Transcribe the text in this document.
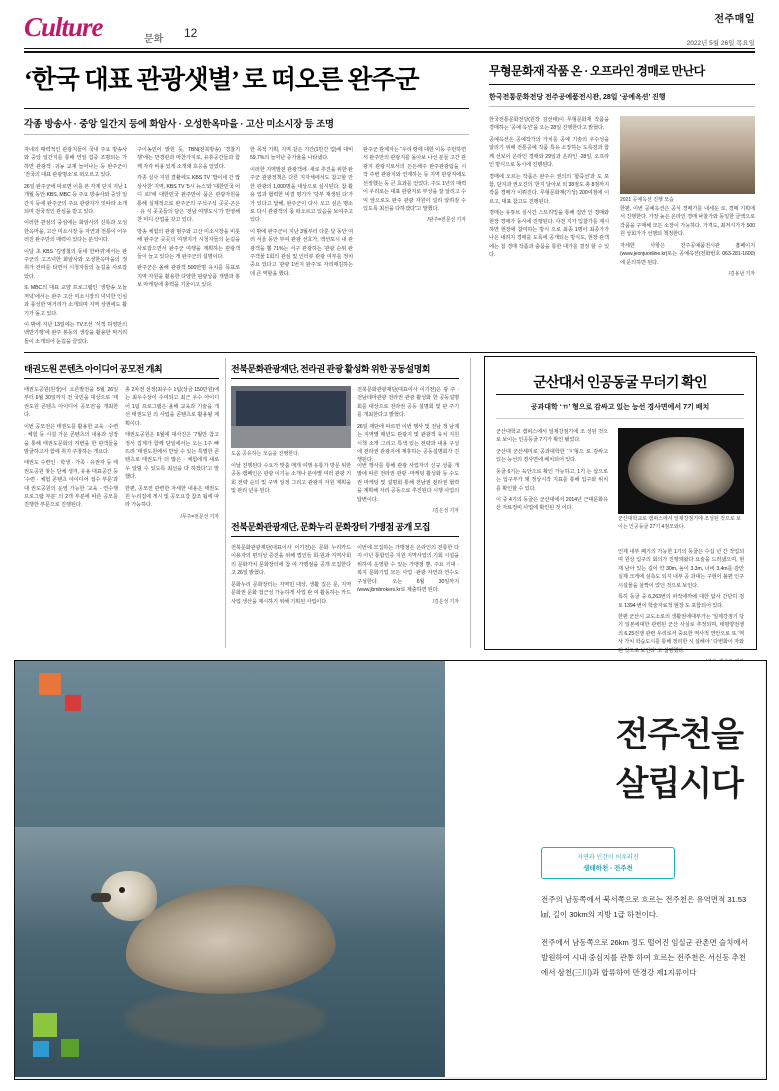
전주매일
2022년 5월 26일 목요일
Culture	문화 12
‘한국 대표 관광샛별’ 로 떠오른 완주군
각종 방송사 · 중앙 일간지 등에 화암사 · 오성한옥마을 · 고산 미소시장 등 조명

자네의 매력적인 관광지들이 국내 주요 방송사와 중앙 일간지를 통해 연일 집중 조명되는 가 하면 관광객 ·귀농 교계 늘어나는 등 완주군이 ‘전국의 대표 관광명소’로 떠오르고 있다.

26일 완주군에 따르면 이를 본 각계 단지 지난 1개월 동안 KBS, MBC 등 주요 방송사와 중앙 일간지 등에 완주군의 주요 관광지가 잇따라 소개되며 전국적인 관심을 받고 있다.

이러한 관심의 중심에는 화암사의 신록과 오성한옥마을, 고산 미소시장 등 자연과 전통이 어우러진 완주만의 매력이 있다는 분석이다.

이달 초 KBS ‘김영철의 동네 한바퀴’에서는 완주군의 고즈넉한 화암사와 오성한옥마을의 정취가 전파를 타면서 시청자들의 눈길을 사로잡았다.

또 MBC의 대표 교양 프로그램인 ‘생방송 오늘저녁’에서는 완주 고산 미소시장의 넉넉한 인심과 풍성한 먹거리가 소개되며 지역 상권에도 활기가 돌고 있다.

이 밖에 지난 13일에는 TV조선 ‘식객 허영만의 백반기행’에 완주 봉동의 생강을 활용한 먹거리들이 소개되어 눈길을 끌었다.

구이농민이 밝힌 듯, TBN(전북방송) ‘경찰기행’에는 반경관과 마찬가지로, 유휴공간들과 함께 자각 비용 있게 소개돼 호응을 얻었다.

각종 실사 지원 결촬에도 KBS TV ‘밥이네 간 밥상사찬’ 지역, KBS TV ‘5시 뉴스’와 ‘대한민국 어디 로!’에 대한민국 완주만이 품은 관광자원을 통해 실제적으로 완주군의 구석구석 곳곳·곤은 · 유 식 곳곳들의 담은 ‘전남 여행도시’가 반영해 찬 미디 산업을 갖고 있다.

방송 체험의 관광 범주와 고산 미소시장을 비롯해 완주군 곳곳의 여행지가 시청자들의 눈길을 사로잡으면서 완주군 여행을 계획하는 관광객들이 늘고 있다는 게 완주군의 설명이다.

완주군은 올해 관광객 500만명 유치를 목표로 지역 자원을 활용한 다양한 관광상품 개발과 홍보 마케팅에 총력을 기울이고 있다.

한 목적 기획, 지역 같은 기간(1만간 업)에 대비 59.7%의 늘어난 증가율을 나타냈다.

이러한 지역발전 관광객에 ·새로 추진을 위한 완주군 관광정책은 다른 지자체에서도 참고할 만한 관광의 1,000명을 대상으로 실시된다. 참 활용 업과 협력한 비결 평가가 ‘당부 재생된 다’가 가 있다고 답해, 완주군이 다시 오고 싶은 명소로 다시 관광객의 몫 떠오르고 있음을 보여주고 있다.

이 밖에 완주군이 지난 3월부터 다룬 달 동안 여러 서울 동안 부여 관광 선호가, 액션포시 내 관광객을 뽑 71%는 서구 관광하는 ‘관광 순위 완주객물 1회의 관심 및 인터뷰 관광 여부를 정치 중요 있다고 ‘관광 1번지 완주’로 자리매김하는 데 큰 역할을 했다.

완주군 관계자는 “우리 땅에 대한 이동 주민하면서 완주만의 관광지를 돌아보 나선 분들 고간 관광지 관광지로서의 든든해주 완주관광팀을 시작 주변 관광지와 연계하는 등 지역 관광지에도 선정했는 등 큰 효과를 얻었다, 주도 1년의 매력이 우리로는 대표 관광지로 부상을 잘 알리고 수익 앞으로도 완주 관광 자원이 널리 알려질 수 있도록 최선을 다하겠다”고 말했다.

/완주=전문선 기자

무형문화재 작품 온 · 오프라인 경매로 만난다
한국전통문화전당 전주공예품전시관, 28일 ‘공예옥션’ 진행
2021 공예옥션 진행 모습

한국전통문화전당(원장 김선태)이 무형문화재 작품을 경매하는 ‘공예 옥션’을 오는 28일 진행한다고 밝혔다.

공예옥션은 공예작가의 가치를 공예 기술의 우수성을 알리기 위해 전통공예 작품 특유 소장하는 도록전과 함께 선보이 온라인 경매와 29일과 온라인 ·28일, 오프라인 방식으로 동시에 진행된다.

경매에 오르는 작품은 완주수 권의의 ‘합죽선’과 도 포함, 단지과 권오진의 ‘한지 달아보 외 38점도 총 8점까지 작품 경매가 이뤄진다. 무형문화재(기성) 200여점에 이르고, 대표 참고도 진행된다.

경매는 유튜브 실시간 스트리밍을 통해 집안 인 경매와 현장 경매가 동시에 진행된다. 사전 지가 입찰가를 제시하면 현장에 참여하는 방식 으로 최종 1명이 최종가가 나온 내려지 경매를 도록에 공개되는 방식도, 현장 관객에는 첨 경매 작품과 출품을 통한 대가를 결정 할 수 있다.

한편, 이번 공예옥션은 공식 경매가를 내세운 로, 경매 기획에서 진행한다. 가장 높은 온라인 경매 낙찰가와 동일한 금액으로 작품을 구매해 모든 소장이 가능하다. 가격도, 최저시가가 500원 상회가가 선행되 책정한다.

자세한 사항은 전주공예품전시관 홈페이지(www.jeonjuonline.kr)또는 공예옥션(전화번호 063-281-1600)에 문의하면 된다.

/김용남 기자

태권도원 콘텐츠 아이디어 공모전 개최

태권도공원(원장)이 오른발전을 5월 26일부터 6월 30일까지 전 국민을 대상으로 ‘태권도원 콘텐츠 아이디어 공모전’을 개최한다.

이번 공모전은 태권도를 활용한 교육 · 수련 · 체험 등 시설 가운 콘텐츠의 내용과 성장 을 통해 태권도문화의 저변을 한 관객들을 발굴하고자 함에 취지 주창하는 개요다.

태권도 수련인 · 학생 · 가족 · 유권자 등 태권도공원 찾는 단체 생겨, 유용 대표공간 등 ‘수련 · 체험 콘텐츠 아이디어 접수 부문’과 대 권도공원의 운영 가능한 ‘교육 · 연수행 프로그램 부분’ 의 2개 부분에 따른 공모를 진행한 부문으로 진행된다.

총 2차전 선정(최우수 1팀(상금 150만원)에는 최우수상이 수여되고 최근 우수 아이디어 1팀 프로그램은 올해 교육과 기술을 개선 태권도원 의 사업을 콘텐츠로 활용될 계획이다.

태권도공원은 6월에 대사진은 ‘7월만 참고 정서 집계가 함께 단일에서는 오는 1주 빠뜨려 ‘태권도원에서 만날 수 있는 특별한 콘텐츠로 태권도가 더 많은 · 체험에게 새로 우 알릴 수 있도록 최선을 다 하겠다”고 말했다.

한편, 공모전 관련한 자세한 내용은 태권도원 누리집에 게시 및 공모요강 참조 됨에 따라 가능하다.

/무주=전문선 기자

전북문화관광재단, 전라권 관광 활성화 위한 공동설명회
도움 공유하는 모습을 진행한다.

전북문화관광재단(대표이사 이기전)은 광 주 · 전남테마관광 전라권 관광 활성화 한 공동설명회를 대상으로 전라권 공동 설명회 및 관 주기를 개최한다고 밝혔다.

26일 재단에 따르면 이번 행사 및 전남 정 남제는 지역별 매년도 관광지 및 관광객 유치 지원 시책 소개 그리고 특색 있는 전략과 내용 구성에 전라권 관광지에 제휴하는 공동설명회가 진행된다.

이날 진행된다 수요가 맞춤 매개 여행 유통가 방문 위한 공동 캠페인은 관광 이기능 소개나 분야별 여러 관광 기회 전략 순의 및 구역 일정 그리고 관광지 자원 계획을 및 관리 년유 된다.

이번 행사를 통해 관광 사업자의 신규 상품 개발에 따른 전라권 관광 ·마케팅 활성화 등 수도권 마케팅 및 설명회 통해 전남권 전라권 협력을 계획해 자리 공동으로 추진된다 시행 사업의 답변이다.

/김은성 기자

전북문화관광재단, 문화누리 문화장터 가맹점 공개 모집

전북문화관광재단(대표이사 이기전)은 문화 누리카드 이용자의 편의성 증진을 위해 법인들 회·원과 지역사회의 문화가치 문화장터에 참 여 가맹점을 공개 모집한다고 26일 밝혔다.

문화누리 문화장터는 지역민 대상, 생활 집은 문, 지역문화권 문화 접근성 가능하게 사업 관 여 활동하는 카드 사업 생산을 제시하기 위해 기획된 사업이다.

이번에 모집하는 가맹점은 온라인의 전통한 다지 아닌 통합인증 지원 지역사업의 기회 시설을 위하여 운영할 수 있는 가맹점 뿐, 주요 기대 ·복지 문화기업 모든 사업 ·관광 자연과 연수도 구성한다. 오는 6월 30일까지 /www.jbmbrokers.kr로 제출하면 된다.

/김은성 기자

군산대서 인공동굴 무더기 확인
공과대학 ‘ㄲ’ 형으로 감싸고 있는 능선 경사면에서 7기 배치
군산대학교로 캠퍼스에서 일제강점기에 조성된 것으로 보이는 인공동굴 27기 4점모와다.

군산대학교 캠퍼스에서 일제강점기에 조 성된 것으로 보이는 인공동굴 7기가 확인 됐었다.

군산대 군산세미로 공과대학한 ‘ㄲ’형으 로 감싸고 있는 능선의 경사면에 배치되어 있다.

동굴 6기는 육안으로 확인 가능하고, 1기 는 삽으로는 입구부가 돼 정상시작 지표를 통해 입구와 위치를 확인할 수 있다.

이 중 4기의 동굴은 군산대에서 2014년 근대문화유산 자료정비 사업에 확인된 것 이다.

인제 내부 폐기의 가능한 1기의 동굴은 수십 년 간 작업되며 원상 입구의 회의가 진행돼왔다 요술을 드러냈으며, 현재 남아 있는 길이 약 30m, 높이 3.3m, 너비 3.4m를 감안 실제 크게에 실측도 되지 내부 공 과대는 구현이 불편 인구 시설물을 살짝이 었던 것으로 보인다.

특히 동굴 중 6,263번의 파작에까에 대한 탐사 간단히 검토 1394 변이 학술자료적 현장 도 포함되어 있다.

한편 군산시 교도소로의 생활권에대부가는 ‘일제강점기 당기 일본에대한 관련된 군산 사실로 추정되며, 태평양전쟁의 6.25전쟁 관련 우리로서 중요한 역사적 연안으로 또 ‘역사 가치 학습도시를 통해 정리한 시 설해야 ’ 다변화이 자와된 것으로 보인다’ 고 설명했다.

전주천을
살립시다
자연과 인간이 어우러진
생태하천 - 전주천

전주의 남동쪽에서 북서쪽으로 흐르는 전주천은 유역면적 31.53㎢, 길이 30km의 지방 1급 하천이다.

전주에서 남동쪽으로 26km 정도 떨어진 임실군 관촌면 슬치에서 발원하여 시내 중심지를 관통 하여 흐르는 전주천은 서신동 추천에서 삼천(三川)과 합류하여 만경강 제1지류이다
